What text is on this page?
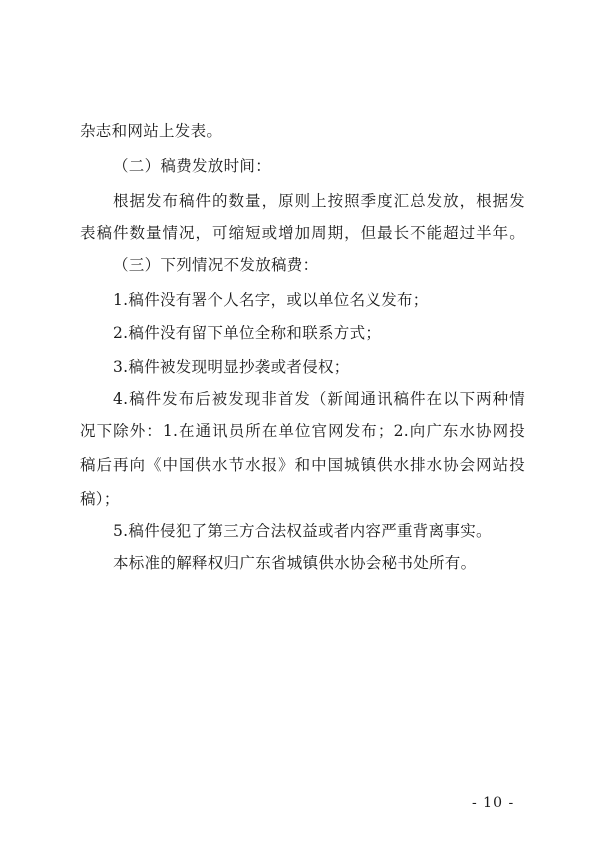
杂志和网站上发表。
（二）稿费发放时间：
根据发布稿件的数量，原则上按照季度汇总发放，根据发
表稿件数量情况，可缩短或增加周期，但最长不能超过半年。
（三）下列情况不发放稿费：
1.稿件没有署个人名字，或以单位名义发布；
2.稿件没有留下单位全称和联系方式；
3.稿件被发现明显抄袭或者侵权；
4.稿件发布后被发现非首发（新闻通讯稿件在以下两种情
况下除外：1.在通讯员所在单位官网发布；2.向广东水协网投
稿后再向《中国供水节水报》和中国城镇供水排水协会网站投
稿）；
5.稿件侵犯了第三方合法权益或者内容严重背离事实。
本标准的解释权归广东省城镇供水协会秘书处所有。
- 10 -
